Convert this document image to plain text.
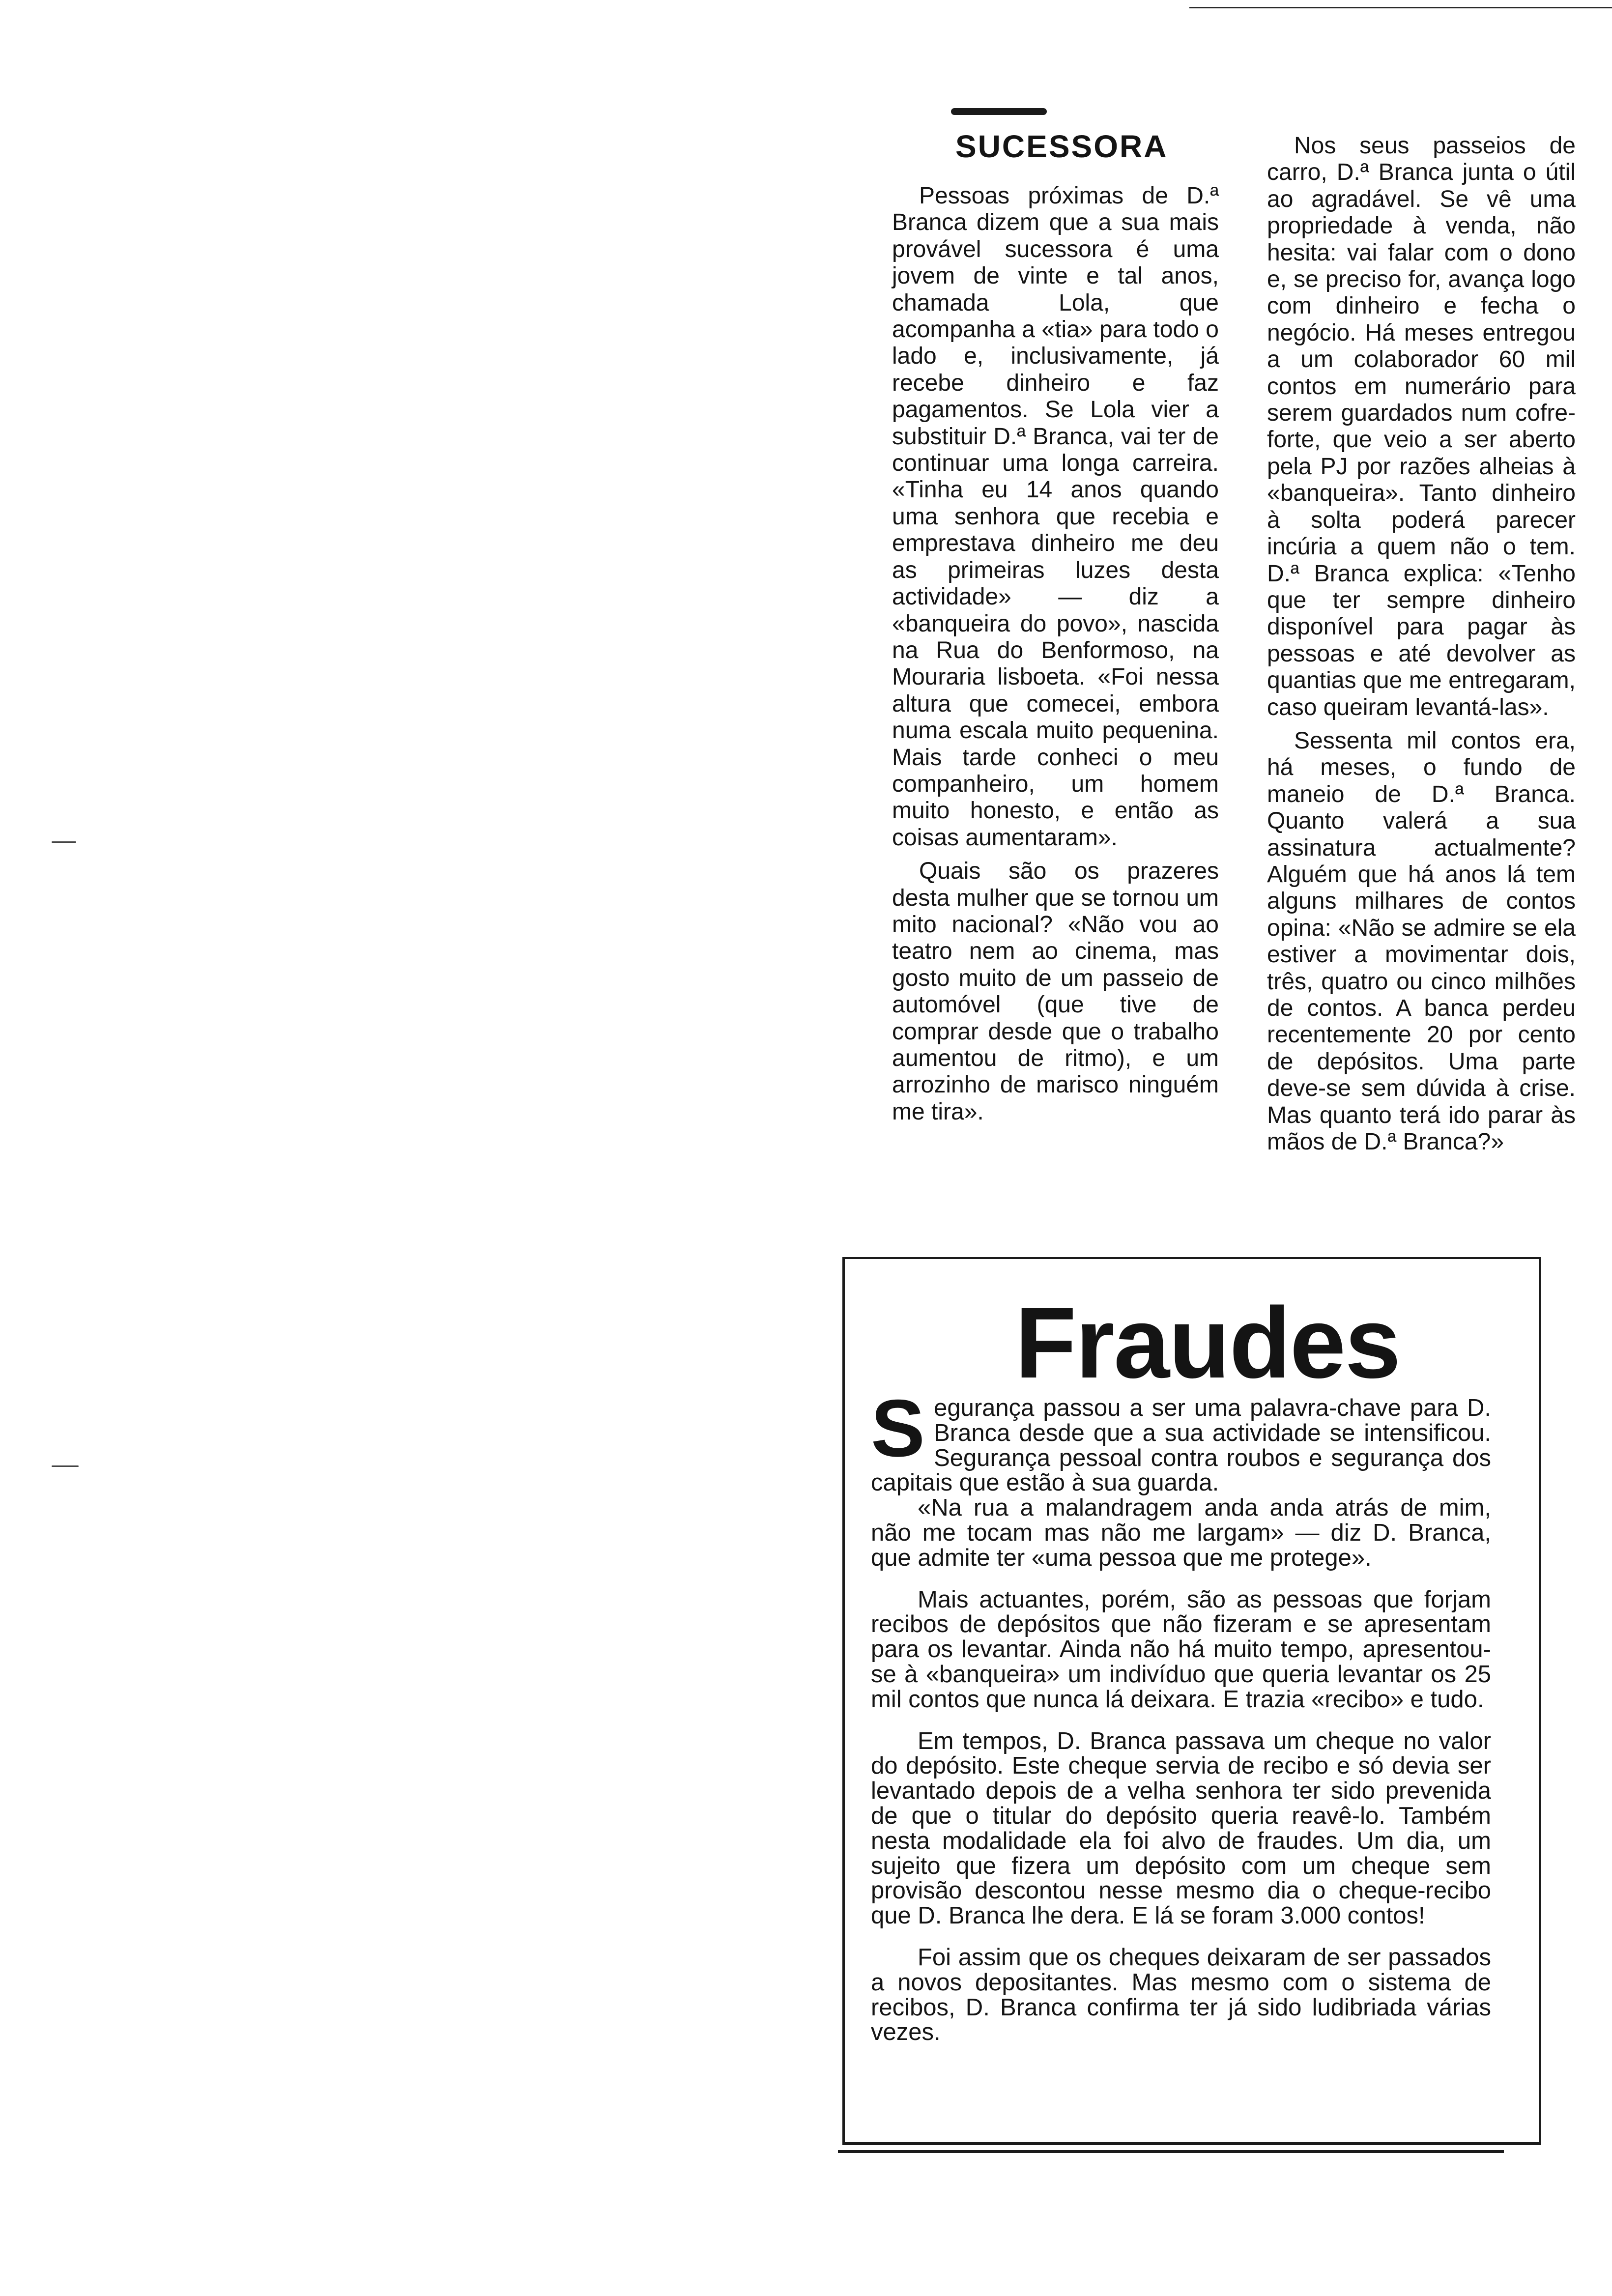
SUCESSORA

Pessoas próximas de D.ª Branca dizem que a sua mais provável sucessora é uma jovem de vinte e tal anos, chamada Lola, que acompanha a «tia» para todo o lado e, inclusivamente, já recebe dinheiro e faz pagamentos. Se Lola vier a substituir D.ª Branca, vai ter de continuar uma longa carreira. «Tinha eu 14 anos quando uma senhora que recebia e emprestava dinheiro me deu as primeiras luzes desta actividade» — diz a «banqueira do povo», nascida na Rua do Benformoso, na Mouraria lisboeta. «Foi nessa altura que comecei, embora numa escala muito pequenina. Mais tarde conheci o meu companheiro, um homem muito honesto, e então as coisas aumentaram».

Quais são os prazeres desta mulher que se tornou um mito nacional? «Não vou ao teatro nem ao cinema, mas gosto muito de um passeio de automóvel (que tive de comprar desde que o trabalho aumentou de ritmo), e um arrozinho de marisco ninguém me tira».

Nos seus passeios de carro, D.ª Branca junta o útil ao agradável. Se vê uma propriedade à venda, não hesita: vai falar com o dono e, se preciso for, avança logo com dinheiro e fecha o negócio. Há meses entregou a um colaborador 60 mil contos em numerário para serem guardados num cofre-forte, que veio a ser aberto pela PJ por razões alheias à «banqueira». Tanto dinheiro à solta poderá parecer incúria a quem não o tem. D.ª Branca explica: «Tenho que ter sempre dinheiro disponível para pagar às pessoas e até devolver as quantias que me entregaram, caso queiram levantá-las».

Sessenta mil contos era, há meses, o fundo de maneio de D.ª Branca. Quanto valerá a sua assinatura actualmente? Alguém que há anos lá tem alguns milhares de contos opina: «Não se admire se ela estiver a movimentar dois, três, quatro ou cinco milhões de contos. A banca perdeu recentemente 20 por cento de depósitos. Uma parte deve-se sem dúvida à crise. Mas quanto terá ido parar às mãos de D.ª Branca?»

Fraudes

Segurança passou a ser uma palavra-chave para D. Branca desde que a sua actividade se intensificou. Segurança pessoal contra roubos e segurança dos capitais que estão à sua guarda.

«Na rua a malandragem anda anda atrás de mim, não me tocam mas não me largam» — diz D. Branca, que admite ter «uma pessoa que me protege».

Mais actuantes, porém, são as pessoas que forjam recibos de depósitos que não fizeram e se apresentam para os levantar. Ainda não há muito tempo, apresentou-se à «banqueira» um indivíduo que queria levantar os 25 mil contos que nunca lá deixara. E trazia «recibo» e tudo.

Em tempos, D. Branca passava um cheque no valor do depósito. Este cheque servia de recibo e só devia ser levantado depois de a velha senhora ter sido prevenida de que o titular do depósito queria reavê-lo. Também nesta modalidade ela foi alvo de fraudes. Um dia, um sujeito que fizera um depósito com um cheque sem provisão descontou nesse mesmo dia o cheque-recibo que D. Branca lhe dera. E lá se foram 3.000 contos!

Foi assim que os cheques deixaram de ser passados a novos depositantes. Mas mesmo com o sistema de recibos, D. Branca confirma ter já sido ludibriada várias vezes.
